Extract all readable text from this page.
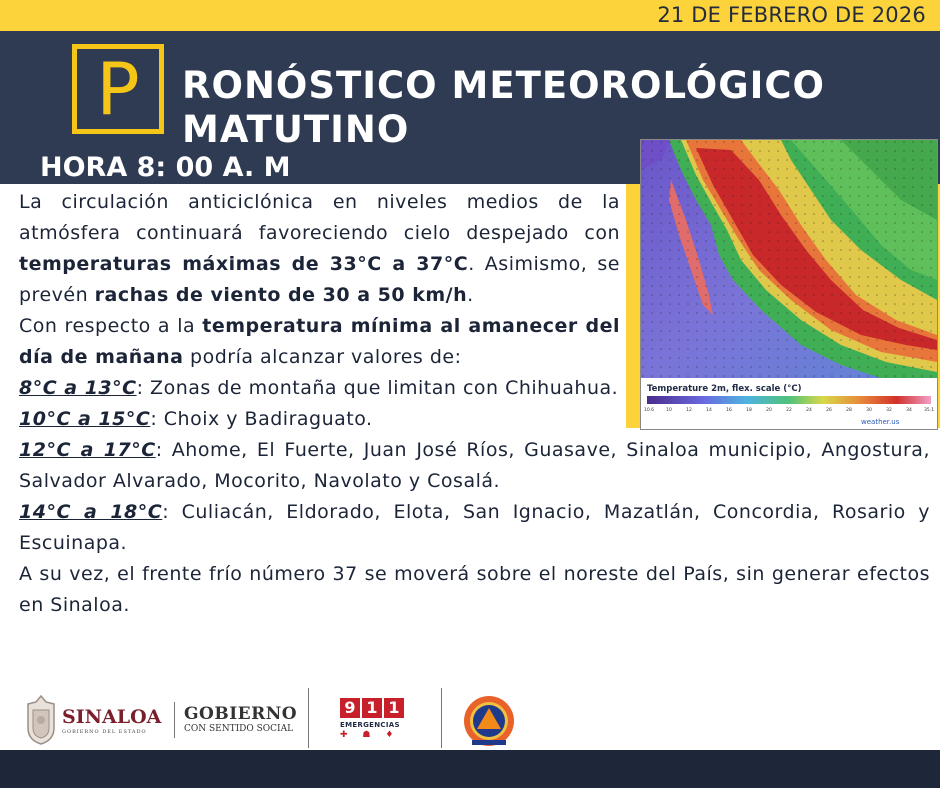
21 DE FEBRERO DE 2026
P	RONÓSTICO METEOROLÓGICO
MATUTINO
HORA 8: 00 A. M
Temperature 2m, flex. scale (°C)
10.6	10	12	14	16	18	20	22	24	26	28	30	32	34	35.1
weather.us
La circulación anticiclónica en niveles medios de la atmósfera continuará favoreciendo cielo despejado con temperaturas máximas de 33°C a 37°C. Asimismo, se prevén rachas de viento de 30 a 50 km/h.
Con respecto a la temperatura mínima al amanecer del día de mañana podría alcanzar valores de:
8°C a 13°C: Zonas de montaña que limitan con Chihuahua.
10°C a 15°C: Choix y Badiraguato.
12°C a 17°C: Ahome, El Fuerte, Juan José Ríos, Guasave, Sinaloa municipio, Angostura, Salvador Alvarado, Mocorito, Navolato y Cosalá.
14°C a 18°C: Culiacán, Eldorado, Elota, San Ignacio, Mazatlán, Concordia, Rosario y Escuinapa.
A su vez, el frente frío número 37 se moverá sobre el noreste del País, sin generar efectos en Sinaloa.
SINALOA
GOBIERNO DEL ESTADO
GOBIERNO
CON SENTIDO SOCIAL
9 1 1
EMERGENCIAS
✚ ☗ ♦
